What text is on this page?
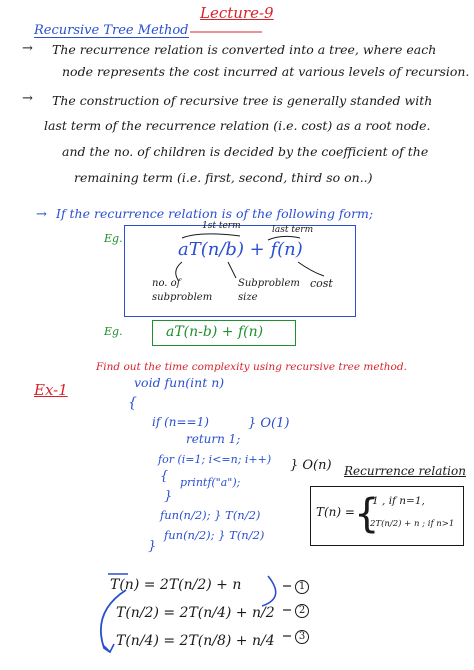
Lecture-9
Recursive Tree Method
→ The recurrence relation is converted into a tree, where each
node represents the cost incurred at various levels of recursion.
→ The construction of recursive tree is generally standed with
last term of the recurrence relation (i.e. cost) as a root node.
and the no. of children is decided by the coefficient of the
remaining term (i.e. first, second, third so on..)
→ If the recurrence relation is of the following form;
Eg.
1st term	last term
aT(n/b) + f(n)
no. of subproblem
Subproblem size
cost
Eg.	aT(n-b) + f(n)
Find out the time complexity using recursive tree method.
Ex-1	void fun(int n)
{
if (n==1)
return 1;
} O(1)
for (i=1; i<=n; i++)
{ printf("a");
}
} O(n)
fun(n/2); } T(n/2)
fun(n/2); } T(n/2)
}
Recurrence relation
T(n) = {
1 , if n=1,
2T(n/2) + n ; if n>1
T(n) = 2T(n/2) + n	1
T(n/2) = 2T(n/4) + n/2	2
T(n/4) = 2T(n/8) + n/4	3
